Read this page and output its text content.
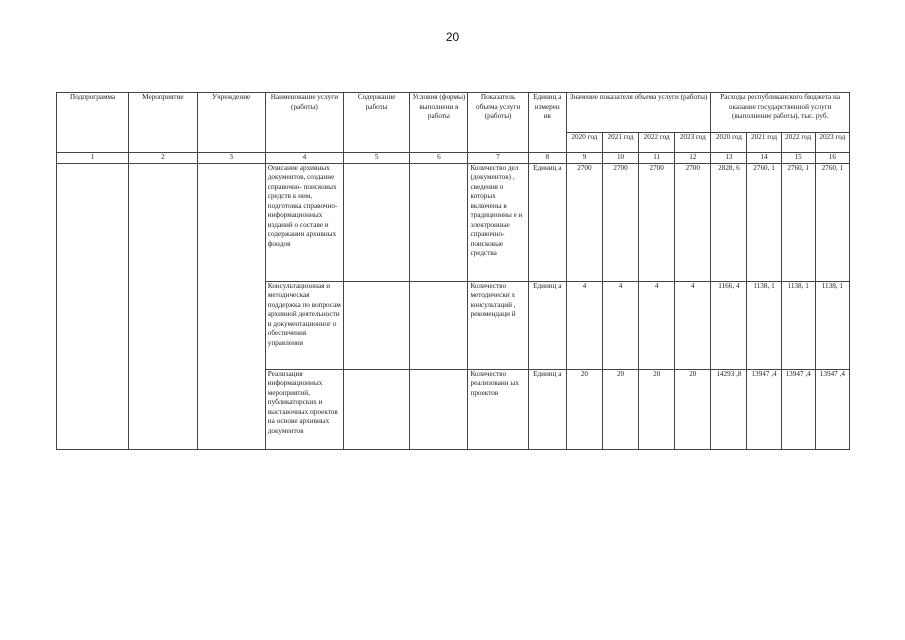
20
Подпрограмма	Мероприятие	Учреждение	Наименование услуги (работы)	Содержание работы	Условия (формы) выполнени я работы	Показатель объема услуги (работы)	Единиц а измерен ия	Значение показателя объема услуги (работы)				Расходы республиканского бюджета на оказание государственной услуги (выполнение работы), тыс. руб.			
								2020 год	2021 год	2022 год	2023 год	2020 год	2021 год	2022 год	2023 год
1	2	3	4	5	6	7	8	9	10	11	12	13	14	15	16
			Описание архивных документов, создание справочно- поисковых средств к ним, подготовка справочно- информационных изданий о составе и содержании архивных фондов			Количество дел (документов) , сведения о которых включены в традиционны е и электронные справочно- поисковые средства	Единиц а	2700	2700	2700	2700	2828, 6	2760, 1	2760, 1	2760, 1
			Консультационная и методическая поддержка по вопросам архивной деятельности и документационног о обеспечения управления			Количество методически х консультаций , рекомендаци й	Единиц а	4	4	4	4	1166, 4	1138, 1	1138, 1	1138, 1
			Реализация информационных мероприятий, публикаторских и выставочных проектов на основе архивных документов			Количество реализованн ых проектов	Единиц а	20	20	20	20	14293 ,8	13947 ,4	13947 ,4	13947 ,4
